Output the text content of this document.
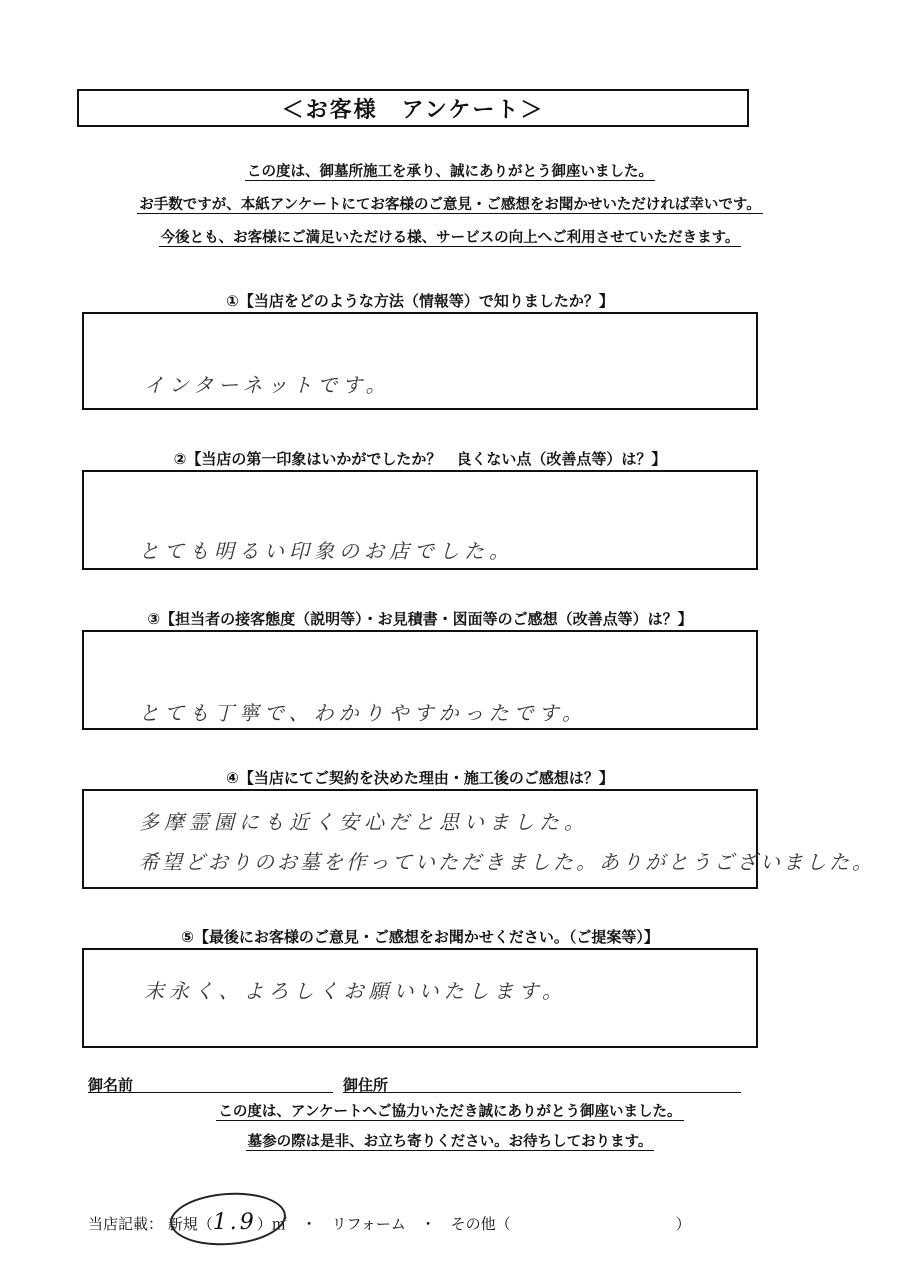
＜お客様　アンケート＞
この度は、御墓所施工を承り、誠にありがとう御座いました。
お手数ですが、本紙アンケートにてお客様のご意見・ご感想をお聞かせいただければ幸いです。
今後とも、お客様にご満足いただける様、サービスの向上へご利用させていただきます。
①【当店をどのような方法（情報等）で知りましたか？】
インターネットです。
②【当店の第一印象はいかがでしたか？　良くない点（改善点等）は？】
とても明るい印象のお店でした。
③【担当者の接客態度（説明等）・お見積書・図面等のご感想（改善点等）は？】
とても丁寧で、わかりやすかったです。
④【当店にてご契約を決めた理由・施工後のご感想は？】
多摩霊園にも近く安心だと思いました。
希望どおりのお墓を作っていただきました。ありがとうございました。
⑤【最後にお客様のご意見・ご感想をお聞かせください。（ご提案等）】
末永く、よろしくお願いいたします。
御名前	御住所
この度は、アンケートへご協力いただき誠にありがとう御座いました。
墓参の際は是非、お立ち寄りください。お待ちしております。
当店記載： 新規（1.9）㎡ ・　リフォーム ・　その他（　　　　　　　　　　　）
